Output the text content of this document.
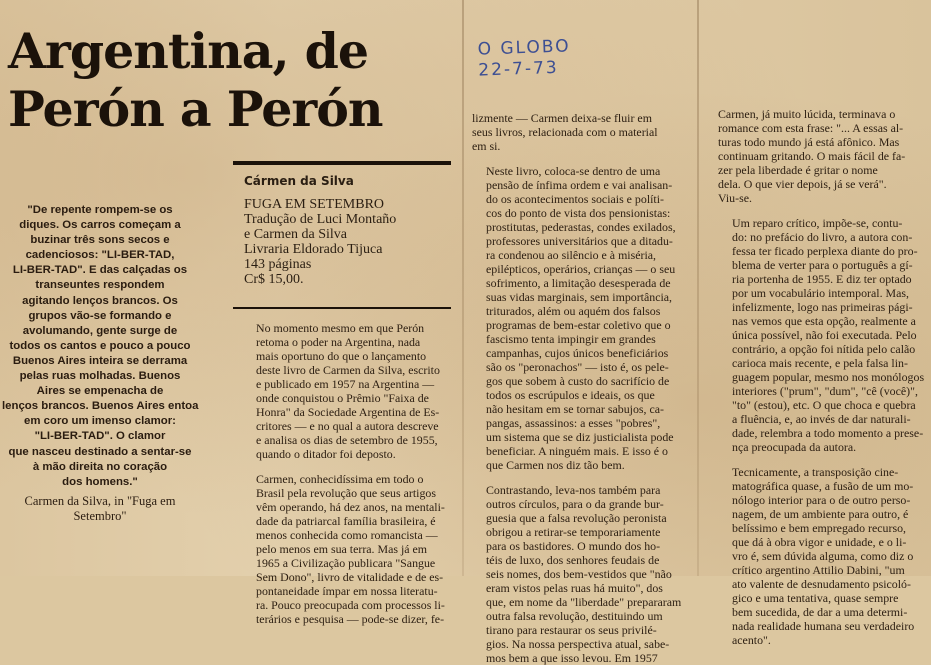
Argentina, de
Perón a Perón
O GLOBO
22-7-73
Cármen da Silva
FUGA EM SETEMBRO
Tradução de Luci Montaño
e Carmen da Silva
Livraria Eldorado Tijuca
143 páginas
Cr$ 15,00.

"De repente rompem-se os

diques. Os carros começam a

buzinar três sons secos e

cadenciosos: "LI-BER-TAD,

LI-BER-TAD". E das calçadas os

transeuntes respondem

agitando lenços brancos. Os

grupos vão-se formando e

avolumando, gente surge de

todos os cantos e pouco a pouco

Buenos Aires inteira se derrama

pelas ruas molhadas. Buenos

Aires se empenacha de

lenços brancos. Buenos Aires entoa

em coro um imenso clamor:

"LI-BER-TAD". O clamor

que nasceu destinado a sentar-se

à mão direita no coração

dos homens."

Carmen da Silva, in "Fuga em

Setembro"

No momento mesmo em que Perón

retoma o poder na Argentina, nada

mais oportuno do que o lançamento

deste livro de Carmen da Silva, escrito

e publicado em 1957 na Argentina —

onde conquistou o Prêmio "Faixa de

Honra" da Sociedade Argentina de Es-

critores — e no qual a autora descreve

e analisa os dias de setembro de 1955,

quando o ditador foi deposto.

Carmen, conhecidíssima em todo o

Brasil pela revolução que seus artigos

vêm operando, há dez anos, na mentali-

dade da patriarcal família brasileira, é

menos conhecida como romancista —

pelo menos em sua terra. Mas já em

1965 a Civilização publicara "Sangue

Sem Dono", livro de vitalidade e de es-

pontaneidade ímpar em nossa literatu-

ra. Pouco preocupada com processos li-

terários e pesquisa — pode-se dizer, fe-

lizmente — Carmen deixa-se fluir em

seus livros, relacionada com o material

em si.

Neste livro, coloca-se dentro de uma

pensão de ínfima ordem e vai analisan-

do os acontecimentos sociais e políti-

cos do ponto de vista dos pensionistas:

prostitutas, pederastas, condes exilados,

professores universitários que a ditadu-

ra condenou ao silêncio e à miséria,

epilépticos, operários, crianças — o seu

sofrimento, a limitação desesperada de

suas vidas marginais, sem importância,

triturados, além ou aquém dos falsos

programas de bem-estar coletivo que o

fascismo tenta impingir em grandes

campanhas, cujos únicos beneficiários

são os "peronachos" — isto é, os pele-

gos que sobem à custo do sacrifício de

todos os escrúpulos e ideais, os que

não hesitam em se tornar sabujos, ca-

pangas, assassinos: a esses "pobres",

um sistema que se diz justicialista pode

beneficiar. A ninguém mais. E isso é o

que Carmen nos diz tão bem.

Contrastando, leva-nos também para

outros círculos, para o da grande bur-

guesia que a falsa revolução peronista

obrigou a retirar-se temporariamente

para os bastidores. O mundo dos ho-

téis de luxo, dos senhores feudais de

seis nomes, dos bem-vestidos que "não

eram vistos pelas ruas há muito", dos

que, em nome da "liberdade" prepararam

outra falsa revolução, destituindo um

tirano para restaurar os seus privilé-

gios. Na nossa perspectiva atual, sabe-

mos bem a que isso levou. Em 1957

Carmen, já muito lúcida, terminava o

romance com esta frase: "... A essas al-

turas todo mundo já está afônico. Mas

continuam gritando. O mais fácil de fa-

zer pela liberdade é gritar o nome

dela. O que vier depois, já se verá".

Viu-se.

Um reparo crítico, impõe-se, contu-

do: no prefácio do livro, a autora con-

fessa ter ficado perplexa diante do pro-

blema de verter para o português a gí-

ria portenha de 1955. E diz ter optado

por um vocabulário intemporal. Mas,

infelizmente, logo nas primeiras pági-

nas vemos que esta opção, realmente a

única possível, não foi executada. Pelo

contrário, a opção foi nítida pelo calão

carioca mais recente, e pela falsa lin-

guagem popular, mesmo nos monólogos

interiores ("prum", "dum", "cê (você)",

"to" (estou), etc. O que choca e quebra

a fluência, e, ao invés de dar naturali-

dade, relembra a todo momento a prese-

nça preocupada da autora.

Tecnicamente, a transposição cine-

matográfica quase, a fusão de um mo-

nólogo interior para o de outro perso-

nagem, de um ambiente para outro, é

belíssimo e bem empregado recurso,

que dá à obra vigor e unidade, e o li-

vro é, sem dúvida alguma, como diz o

crítico argentino Attilio Dabini, "um

ato valente de desnudamento psicoló-

gico e uma tentativa, quase sempre

bem sucedida, de dar a uma determi-

nada realidade humana seu verdadeiro

acento".
